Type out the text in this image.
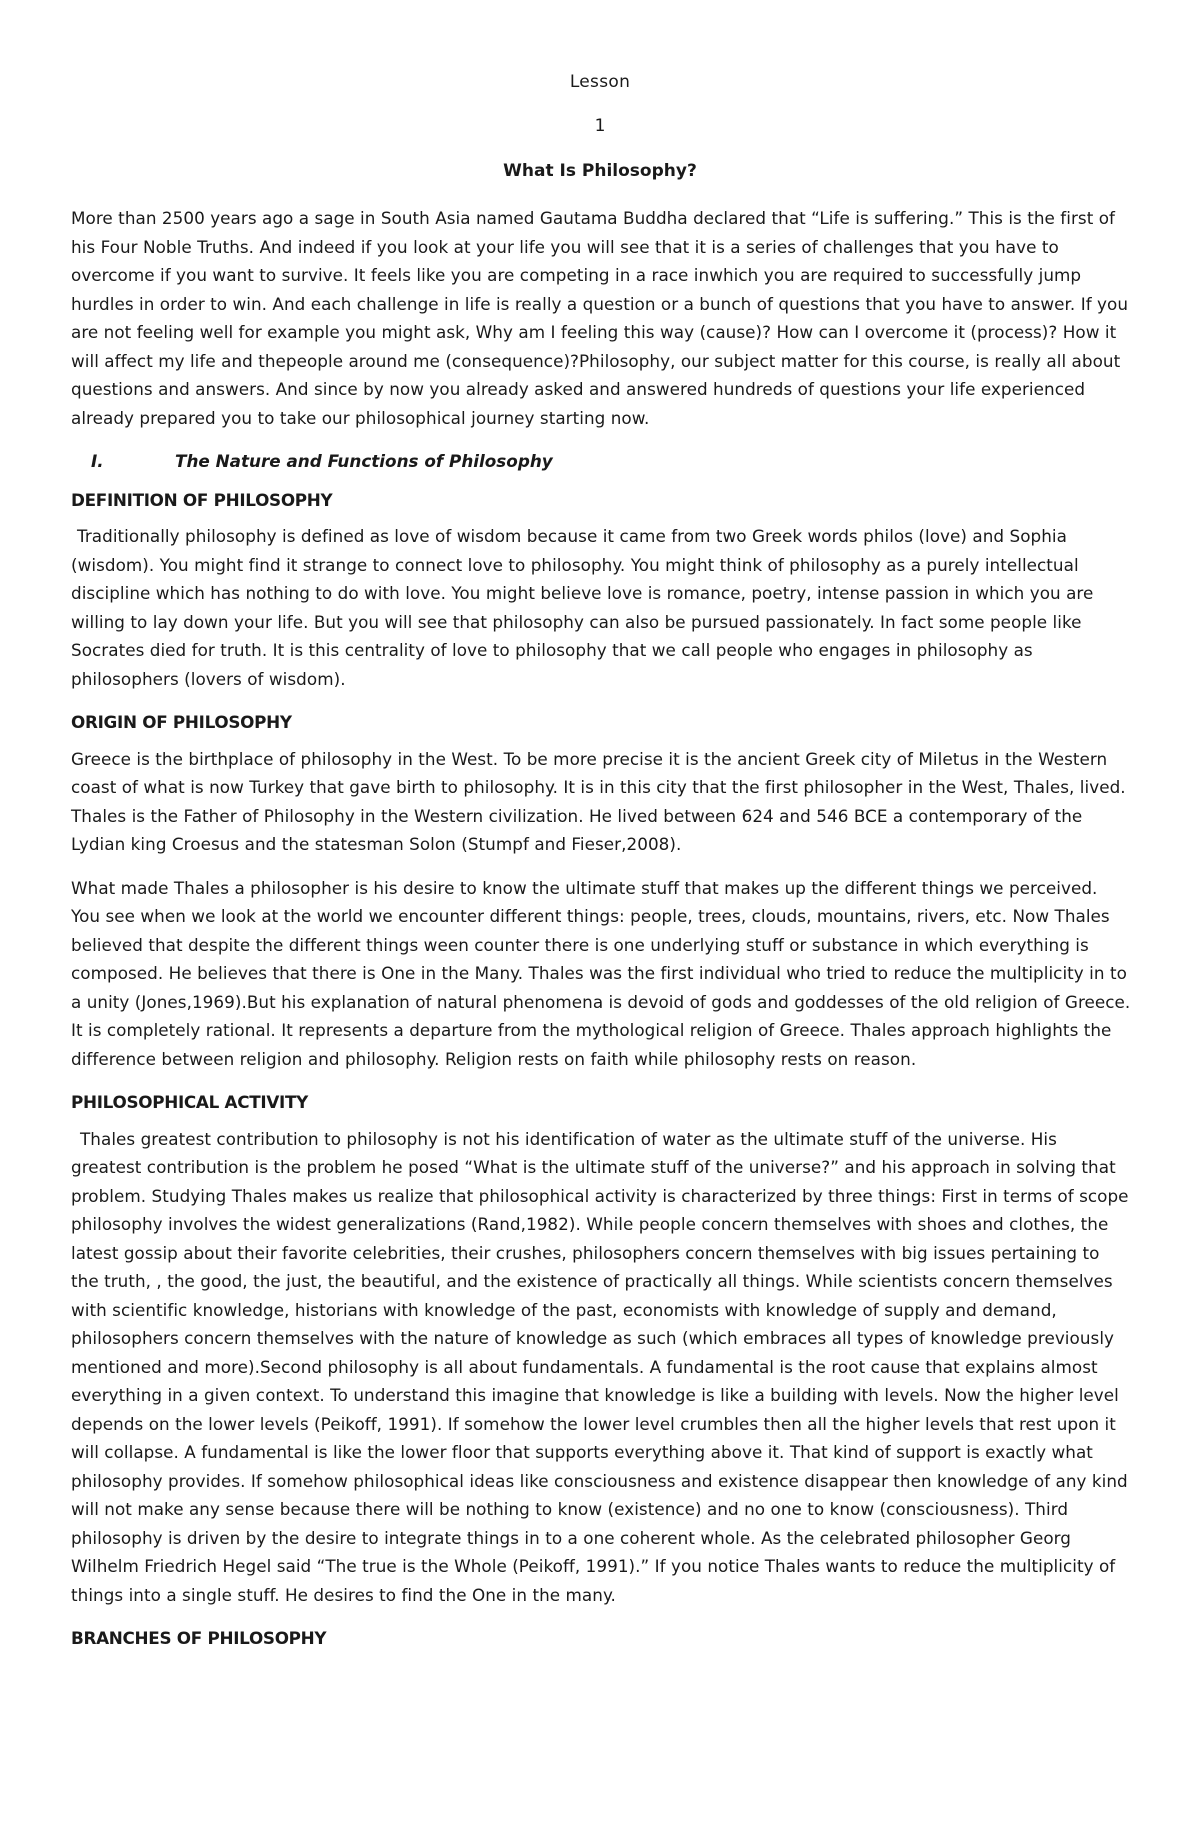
Lesson
1
What Is Philosophy?

More than 2500 years ago a sage in South Asia named Gautama Buddha declared that “Life is suffering.” This is the first of his Four Noble Truths. And indeed if you look at your life you will see that it is a series of challenges that you have to overcome if you want to survive. It feels like you are competing in a race inwhich you are required to successfully jump hurdles in order to win. And each challenge in life is really a question or a bunch of questions that you have to answer. If you are not feeling well for example you might ask, Why am I feeling this way (cause)? How can I overcome it (process)? How it will affect my life and thepeople around me (consequence)?Philosophy, our subject matter for this course, is really all about questions and answers. And since by now you already asked and answered hundreds of questions your life experienced already prepared you to take our philosophical journey starting now.

I.	The Nature and Functions of Philosophy
DEFINITION OF PHILOSOPHY

Traditionally philosophy is defined as love of wisdom because it came from two Greek words philos (love) and Sophia (wisdom). You might find it strange to connect love to philosophy. You might think of philosophy as a purely intellectual discipline which has nothing to do with love. You might believe love is romance, poetry, intense passion in which you are willing to lay down your life. But you will see that philosophy can also be pursued passionately. In fact some people like Socrates died for truth. It is this centrality of love to philosophy that we call people who engages in philosophy as philosophers (lovers of wisdom).

ORIGIN OF PHILOSOPHY

Greece is the birthplace of philosophy in the West. To be more precise it is the ancient Greek city of Miletus in the Western coast of what is now Turkey that gave birth to philosophy. It is in this city that the first philosopher in the West, Thales, lived. Thales is the Father of Philosophy in the Western civilization. He lived between 624 and 546 BCE a contemporary of the Lydian king Croesus and the statesman Solon (Stumpf and Fieser,2008).

What made Thales a philosopher is his desire to know the ultimate stuff that makes up the different things we perceived. You see when we look at the world we encounter different things: people, trees, clouds, mountains, rivers, etc. Now Thales believed that despite the different things ween counter there is one underlying stuff or substance in which everything is composed. He believes that there is One in the Many. Thales was the first individual who tried to reduce the multiplicity in to a unity (Jones,1969).But his explanation of natural phenomena is devoid of gods and goddesses of the old religion of Greece. It is completely rational. It represents a departure from the mythological religion of Greece. Thales approach highlights the difference between religion and philosophy. Religion rests on faith while philosophy rests on reason.

PHILOSOPHICAL ACTIVITY

Thales greatest contribution to philosophy is not his identification of water as the ultimate stuff of the universe. His greatest contribution is the problem he posed “What is the ultimate stuff of the universe?” and his approach in solving that problem. Studying Thales makes us realize that philosophical activity is characterized by three things: First in terms of scope philosophy involves the widest generalizations (Rand,1982). While people concern themselves with shoes and clothes, the latest gossip about their favorite celebrities, their crushes, philosophers concern themselves with big issues pertaining to the truth, , the good, the just, the beautiful, and the existence of practically all things. While scientists concern themselves with scientific knowledge, historians with knowledge of the past, economists with knowledge of supply and demand, philosophers concern themselves with the nature of knowledge as such (which embraces all types of knowledge previously mentioned and more).Second philosophy is all about fundamentals. A fundamental is the root cause that explains almost everything in a given context. To understand this imagine that knowledge is like a building with levels. Now the higher level depends on the lower levels (Peikoff, 1991). If somehow the lower level crumbles then all the higher levels that rest upon it will collapse. A fundamental is like the lower floor that supports everything above it. That kind of support is exactly what philosophy provides. If somehow philosophical ideas like consciousness and existence disappear then knowledge of any kind will not make any sense because there will be nothing to know (existence) and no one to know (consciousness). Third philosophy is driven by the desire to integrate things in to a one coherent whole. As the celebrated philosopher Georg Wilhelm Friedrich Hegel said “The true is the Whole (Peikoff, 1991).” If you notice Thales wants to reduce the multiplicity of things into a single stuff. He desires to find the One in the many.

BRANCHES OF PHILOSOPHY
